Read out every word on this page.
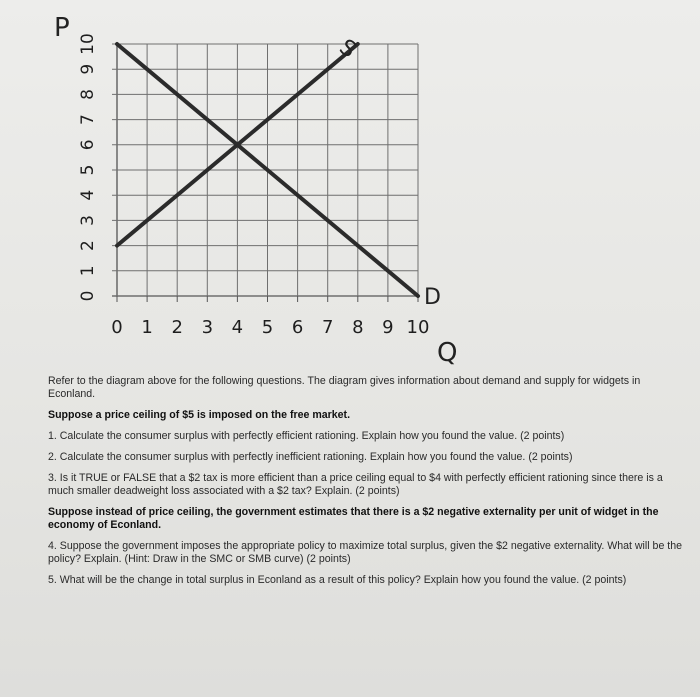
0
1
2
3
4
5
6
7
8
9
10
0 1 2 3 4 5 6 7 8 9 10
S
D
P
Q

Refer to the diagram above for the following questions. The diagram gives information about demand and supply for widgets in Econland.

Suppose a price ceiling of $5 is imposed on the free market.

1. Calculate the consumer surplus with perfectly efficient rationing. Explain how you found the value. (2 points)

2. Calculate the consumer surplus with perfectly inefficient rationing. Explain how you found the value. (2 points)

3. Is it TRUE or FALSE that a $2 tax is more efficient than a price ceiling equal to $4 with perfectly efficient rationing since there is a much smaller deadweight loss associated with a $2 tax? Explain. (2 points)

Suppose instead of price ceiling, the government estimates that there is a $2 negative externality per unit of widget in the economy of Econland.

4. Suppose the government imposes the appropriate policy to maximize total surplus, given the $2 negative externality. What will be the policy? Explain. (Hint: Draw in the SMC or SMB curve) (2 points)

5. What will be the change in total surplus in Econland as a result of this policy? Explain how you found the value. (2 points)
